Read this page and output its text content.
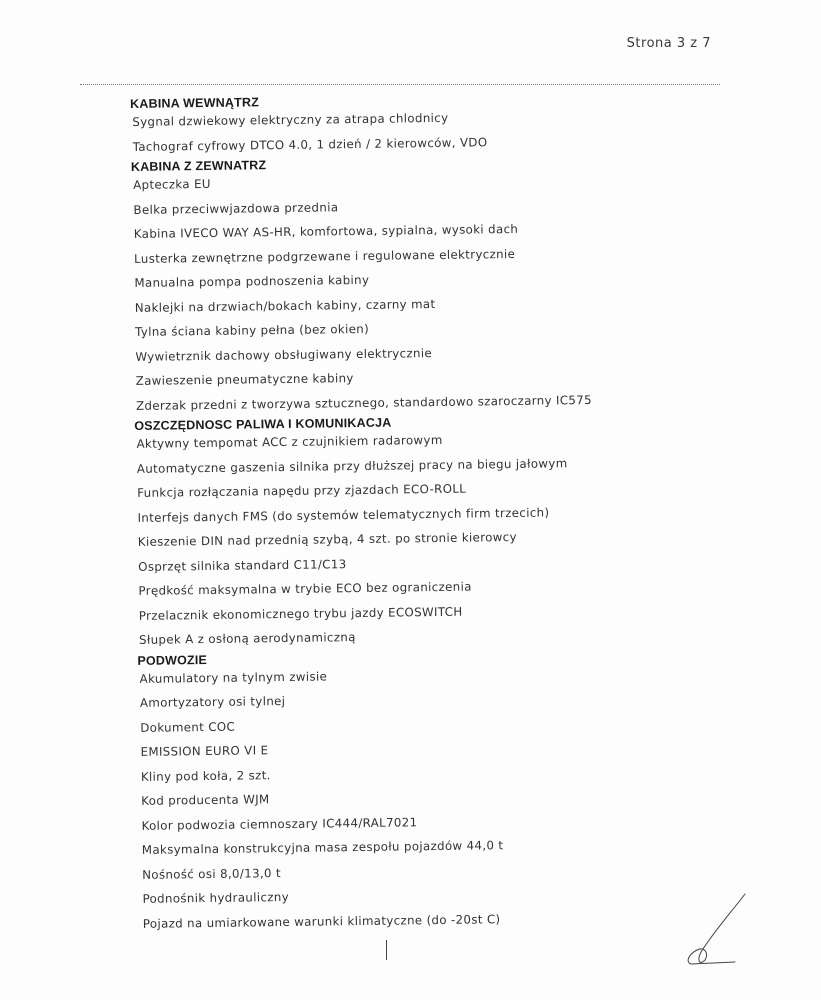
Strona 3 z 7
KABINA WEWNĄTRZ
Sygnal dzwiekowy elektryczny za atrapa chlodnicy
Tachograf cyfrowy DTCO 4.0, 1 dzień / 2 kierowców, VDO
KABINA Z ZEWNATRZ
Apteczka EU
Belka przeciwwjazdowa przednia
Kabina IVECO WAY AS-HR, komfortowa, sypialna, wysoki dach
Lusterka zewnętrzne podgrzewane i regulowane elektrycznie
Manualna pompa podnoszenia kabiny
Naklejki na drzwiach/bokach kabiny, czarny mat
Tylna ściana kabiny pełna (bez okien)
Wywietrznik dachowy obsługiwany elektrycznie
Zawieszenie pneumatyczne kabiny
Zderzak przedni z tworzywa sztucznego, standardowo szaroczarny IC575
OSZCZĘDNOSC PALIWA I KOMUNIKACJA
Aktywny tempomat ACC z czujnikiem radarowym
Automatyczne gaszenia silnika przy dłuższej pracy na biegu jałowym
Funkcja rozłączania napędu przy zjazdach ECO-ROLL
Interfejs danych FMS (do systemów telematycznych firm trzecich)
Kieszenie DIN nad przednią szybą, 4 szt. po stronie kierowcy
Osprzęt silnika standard C11/C13
Prędkość maksymalna w trybie ECO bez ograniczenia
Przelacznik ekonomicznego trybu jazdy ECOSWITCH
Słupek A z osłoną aerodynamiczną
PODWOZIE
Akumulatory na tylnym zwisie
Amortyzatory osi tylnej
Dokument COC
EMISSION EURO VI E
Kliny pod koła, 2 szt.
Kod producenta WJM
Kolor podwozia ciemnoszary IC444/RAL7021
Maksymalna konstrukcyjna masa zespołu pojazdów 44,0 t
Nośność osi 8,0/13,0 t
Podnośnik hydrauliczny
Pojazd na umiarkowane warunki klimatyczne (do -20st C)
